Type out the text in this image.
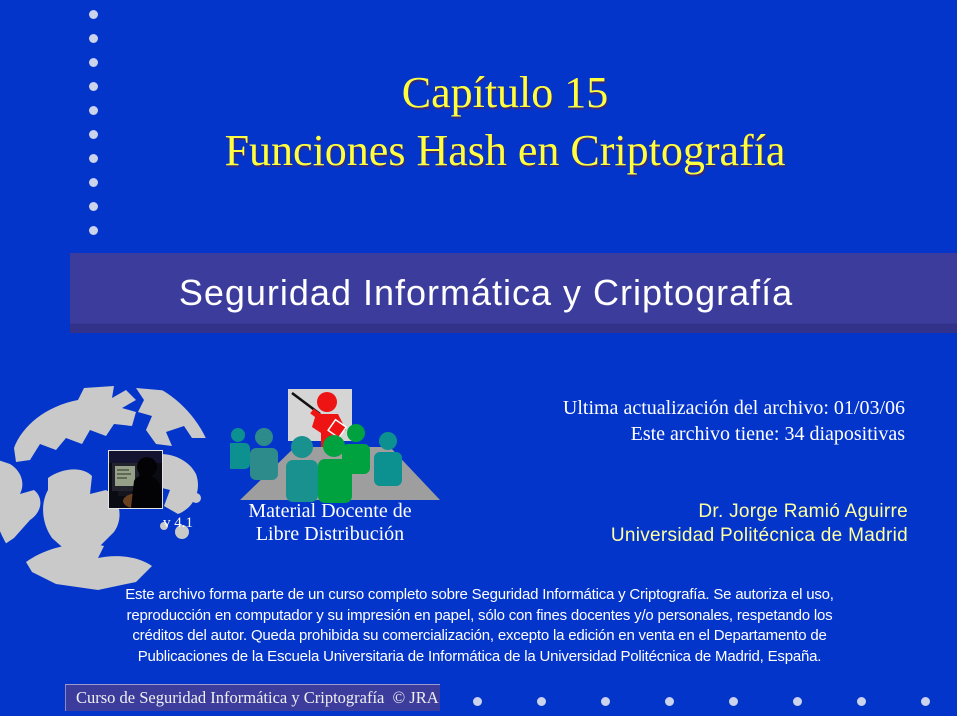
Capítulo 15
Funciones Hash en Criptografía
Seguridad Informática y Criptografía
v 4.1
Material Docente de
Libre Distribución
Ultima actualización del archivo: 01/03/06
Este archivo tiene: 34 diapositivas
Dr. Jorge Ramió Aguirre
Universidad Politécnica de Madrid
Este archivo forma parte de un curso completo sobre Seguridad Informática y Criptografía. Se autoriza el uso,
reproducción en computador y su impresión en papel, sólo con fines docentes y/o personales, respetando los
créditos del autor. Queda prohibida su comercialización, excepto la edición en venta en el Departamento de
Publicaciones de la Escuela Universitaria de Informática de la Universidad Politécnica de Madrid, España.
Curso de Seguridad Informática y Criptografía  © JRA
